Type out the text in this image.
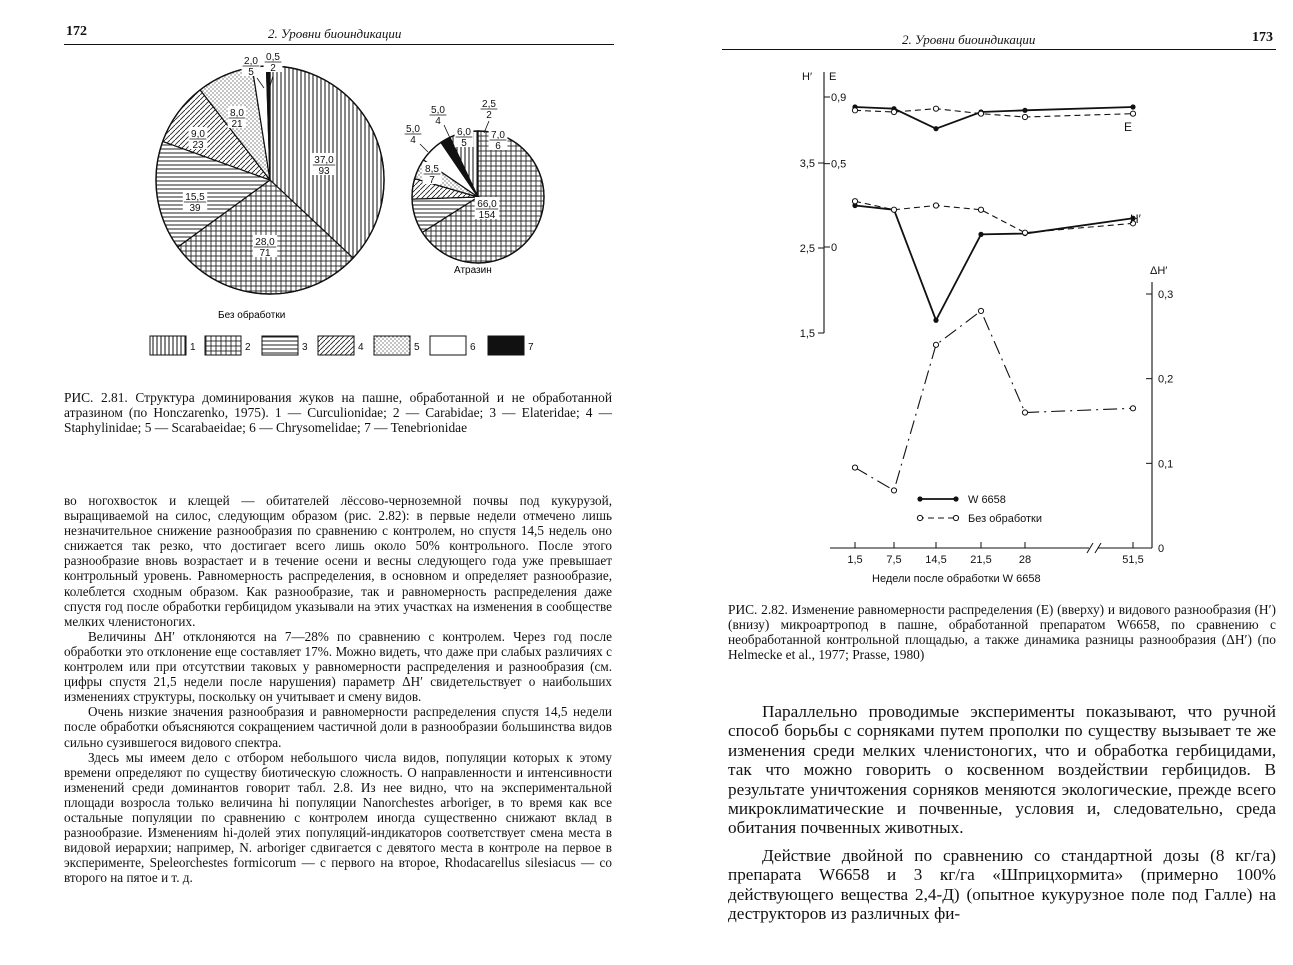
172	2. Уровни биоиндикации
37,0
93
28,0
71
15,5
39
9,0
23
8,0
21
2,0
5
0,5
2
66,0
154
8,5
7
5,0
4
5,0
4
6,0
5
2,5
2
7,0
6
Без обработки
Атразин
1	2	3	4	5	6	7
РИС. 2.81. Структура доминирования жуков на пашне, обработанной и не обработанной атразином (по Honczarenko, 1975). 1 — Curculionidae; 2 — Carabidae; 3 — Elateridae; 4 — Staphylinidae; 5 — Scarabaeidae; 6 — Chrysomelidae; 7 — Tenebrionidae

во ногохвосток и клещей — обитателей лёссово-черноземной почвы под кукурузой, выращиваемой на силос, следующим образом (рис. 2.82): в первые недели отмечено лишь незначительное снижение разнообразия по сравнению с контролем, но спустя 14,5 недель оно снижается так резко, что достигает всего лишь около 50% контрольного. После этого разнообразие вновь возрастает и в течение осени и весны следующего года уже превышает контрольный уровень. Равномерность распределения, в основном и определяет разнообразие, колеблется сходным образом. Как разнообразие, так и равномерность распределения даже спустя год после обработки гербицидом указывали на этих участках на изменения в сообществе мелких членистоногих.

Величины ΔH′ отклоняются на 7—28% по сравнению с контролем. Через год после обработки это отклонение еще составляет 17%. Можно видеть, что даже при слабых различиях с контролем или при отсутствии таковых у равномерности распределения и разнообразия (см. цифры спустя 21,5 недели после нарушения) параметр ΔH′ свидетельствует о наибольших изменениях структуры, поскольку он учитывает и смену видов.

Очень низкие значения разнообразия и равномерности распределения спустя 14,5 недели после обработки объясняются сокращением частичной доли в разнообразии большинства видов сильно сузившегося видового спектра.

Здесь мы имеем дело с отбором небольшого числа видов, популяции которых к этому времени определяют по существу биотическую сложность. О направленности и интенсивности изменений среди доминантов говорит табл. 2.8. Из нее видно, что на экспериментальной площади возросла только величина hi популяции Nanorchestes arboriger, в то время как все остальные популяции по сравнению с контролем иногда существенно снижают вклад в разнообразие. Изменениям hi-долей этих популяций-индикаторов соответствует смена места в видовой иерархии; например, N. arboriger сдвигается с девятого места в контроле на первое в эксперименте, Speleorchestes formicorum — с первого на второе, Rhodacarellus silesiacus — со второго на пятое и т. д.

2. Уровни биоиндикации	173
H′ E
0,9
0,5
0
3,5
2,5
1,5
ΔH′
0,3
0,2
0,1
0
1,5 7,5 14,5 21,5 28	51,5
Недели после обработки W 6658
E
H′
W 6658
Без обработки
РИС. 2.82. Изменение равномерности распределения (E) (вверху) и видового разнообразия (H′) (внизу) микроартропод в пашне, обработанной препаратом W6658, по сравнению с необработанной контрольной площадью, а также динамика разницы разнообразия (ΔH′) (по Helmecke et al., 1977; Prasse, 1980)

Параллельно проводимые эксперименты показывают, что ручной способ борьбы с сорняками путем прополки по существу вызывает те же изменения среди мелких членистоногих, что и обработка гербицидами, так что можно говорить о косвенном воздействии гербицидов. В результате уничтожения сорняков меняются экологические, прежде всего микроклиматические и почвенные, условия и, следовательно, среда обитания почвенных животных.

Действие двойной по сравнению со стандартной дозы (8 кг/га) препарата W6658 и 3 кг/га «Шприцхормита» (примерно 100% действующего вещества 2,4-Д) (опытное кукурузное поле под Галле) на деструкторов из различных фи-
